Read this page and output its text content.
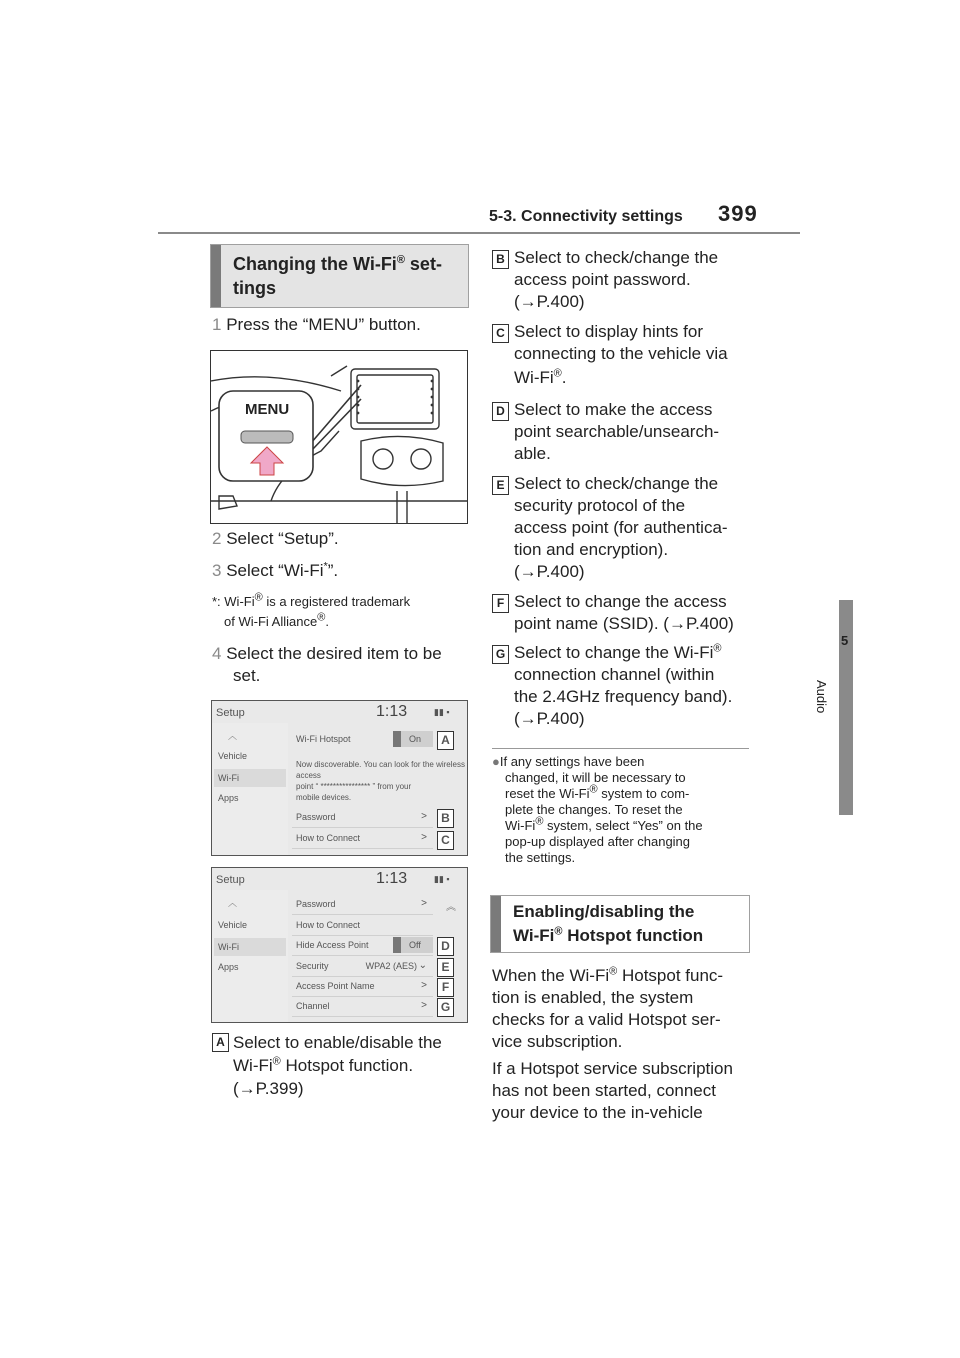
5-3. Connectivity settings 399
5
Audio
Changing the Wi-Fi® set-
tings
1 Press the “MENU” button.
MENU
2 Select “Setup”.
3 Select “Wi-Fi*”.
*: Wi-Fi® is a registered trademark
of Wi-Fi Alliance®.
4 Select the desired item to be
set.
Setup	1:13	▮▮ ▪
︿
Vehicle
Wi-Fi
Apps
Wi-Fi Hotspot	On
Now discoverable. You can look for the wireless access
point “ **************** ” from your
mobile devices.
Password	>
How to Connect	>
A
B
C
Setup	1:13	▮▮ ▪
︿
Vehicle
Wi-Fi
Apps
Password	>
How to Connect
Hide Access Point	Off
Security	WPA2 (AES) ⌄
Access Point Name	>
Channel	>
︽
D
E
F
G
A Select to enable/disable the
Wi-Fi® Hotspot function.
(→P.399)
B Select to check/change the
access point password.
(→P.400)
C Select to display hints for
connecting to the vehicle via
Wi-Fi®.
D Select to make the access
point searchable/unsearch-
able.
E Select to check/change the
security protocol of the
access point (for authentica-
tion and encryption).
(→P.400)
F Select to change the access
point name (SSID). (→P.400)
G Select to change the Wi-Fi®
connection channel (within
the 2.4GHz frequency band).
(→P.400)
●If any settings have been
changed, it will be necessary to
reset the Wi-Fi® system to com-
plete the changes. To reset the
Wi-Fi® system, select “Yes” on the
pop-up displayed after changing
the settings.
Enabling/disabling the
Wi-Fi® Hotspot function
When the Wi-Fi® Hotspot func-
tion is enabled, the system
checks for a valid Hotspot ser-
vice subscription.
If a Hotspot service subscription
has not been started, connect
your device to the in-vehicle
